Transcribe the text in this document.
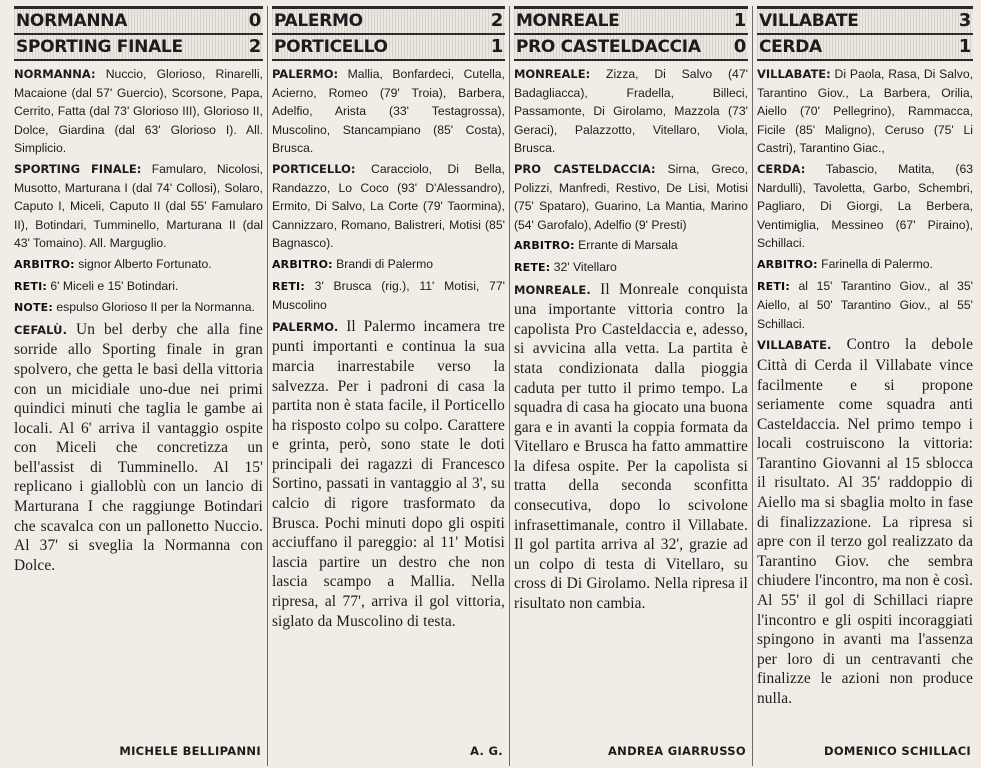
NORMANNA	0
SPORTING FINALE	2

NORMANNA: Nuccio, Glorioso, Rinarelli, Macaione (dal 57' Guercio), Scorsone, Papa, Cerrito, Fatta (dal 73' Glorioso III), Glorioso II, Dolce, Giardina (dal 63' Glorioso I). All. Simplicio.

SPORTING FINALE: Famularo, Nicolosi, Musotto, Marturana I (dal 74' Collosi), Solaro, Caputo I, Miceli, Caputo II (dal 55' Famularo II), Botindari, Tumminello, Marturana II (dal 43' Tomaino). All. Marguglio.

ARBITRO: signor Alberto Fortunato.

RETI: 6' Miceli e 15' Botindari.

NOTE: espulso Glorioso II per la Normanna.

CEFALÙ. Un bel derby che alla fine sorride allo Sporting finale in gran spolvero, che getta le basi della vittoria con un micidiale uno-due nei primi quindici minuti che taglia le gambe ai locali. Al 6' arriva il vantaggio ospite con Miceli che concretizza un bell'assist di Tumminello. Al 15' replicano i gialloblù con un lancio di Marturana I che raggiunge Botindari che scavalca con un pallonetto Nuccio. Al 37' si sveglia la Normanna con Dolce.

MICHELE BELLIPANNI
PALERMO	2
PORTICELLO	1

PALERMO: Mallia, Bonfardeci, Cutella, Acierno, Romeo (79' Troia), Barbera, Adelfio, Arista (33' Testagrossa), Muscolino, Stancampiano (85' Costa), Brusca.

PORTICELLO: Caracciolo, Di Bella, Randazzo, Lo Coco (93' D'Alessandro), Ermito, Di Salvo, La Corte (79' Taormina), Cannizzaro, Romano, Balistreri, Motisi (85' Bagnasco).

ARBITRO: Brandi di Palermo

RETI: 3' Brusca (rig.), 11' Motisi, 77' Muscolino

PALERMO. Il Palermo incamera tre punti importanti e continua la sua marcia inarrestabile verso la salvezza. Per i padroni di casa la partita non è stata facile, il Porticello ha risposto colpo su colpo. Carattere e grinta, però, sono state le doti principali dei ragazzi di Francesco Sortino, passati in vantaggio al 3', su calcio di rigore trasformato da Brusca. Pochi minuti dopo gli ospiti acciuffano il pareggio: al 11' Motisi lascia partire un destro che non lascia scampo a Mallia. Nella ripresa, al 77', arriva il gol vittoria, siglato da Muscolino di testa.

A. G.
MONREALE	1
PRO CASTELDACCIA 0

MONREALE: Zizza, Di Salvo (47' Badagliacca), Fradella, Billeci, Passamonte, Di Girolamo, Mazzola (73' Geraci), Palazzotto, Vitellaro, Viola, Brusca.

PRO CASTELDACCIA: Sirna, Greco, Polizzi, Manfredi, Restivo, De Lisi, Motisi (75' Spataro), Guarino, La Mantia, Marino (54' Garofalo), Adelfio (9' Presti)

ARBITRO: Errante di Marsala

RETE: 32' Vitellaro

MONREALE. Il Monreale conquista una importante vittoria contro la capolista Pro Casteldaccia e, adesso, si avvicina alla vetta. La partita è stata condizionata dalla pioggia caduta per tutto il primo tempo. La squadra di casa ha giocato una buona gara e in avanti la coppia formata da Vitellaro e Brusca ha fatto ammattire la difesa ospite. Per la capolista si tratta della seconda sconfitta consecutiva, dopo lo scivolone infrasettimanale, contro il Villabate. Il gol partita arriva al 32', grazie ad un colpo di testa di Vitellaro, su cross di Di Girolamo. Nella ripresa il risultato non cambia.

ANDREA GIARRUSSO
VILLABATE	3
CERDA	1

VILLABATE: Di Paola, Rasa, Di Salvo, Tarantino Giov., La Barbera, Orilia, Aiello (70' Pellegrino), Rammacca, Ficile (85' Maligno), Ceruso (75' Li Castri), Tarantino Giac.,

CERDA: Tabascio, Matita, (63 Nardulli), Tavoletta, Garbo, Schembri, Pagliaro, Di Giorgi, La Berbera, Ventimiglia, Messineo (67' Piraino), Schillaci.

ARBITRO: Farinella di Palermo.

RETI: al 15' Tarantino Giov., al 35' Aiello, al 50' Tarantino Giov., al 55' Schillaci.

VILLABATE. Contro la debole Città di Cerda il Villabate vince facilmente e si propone seriamente come squadra anti Casteldaccia. Nel primo tempo i locali costruiscono la vittoria: Tarantino Giovanni al 15 sblocca il risultato. Al 35' raddoppio di Aiello ma si sbaglia molto in fase di finalizzazione. La ripresa si apre con il terzo gol realizzato da Tarantino Giov. che sembra chiudere l'incontro, ma non è così. Al 55' il gol di Schillaci riapre l'incontro e gli ospiti incoraggiati spingono in avanti ma l'assenza per loro di un centravanti che finalizze le azioni non produce nulla.

DOMENICO SCHILLACI
